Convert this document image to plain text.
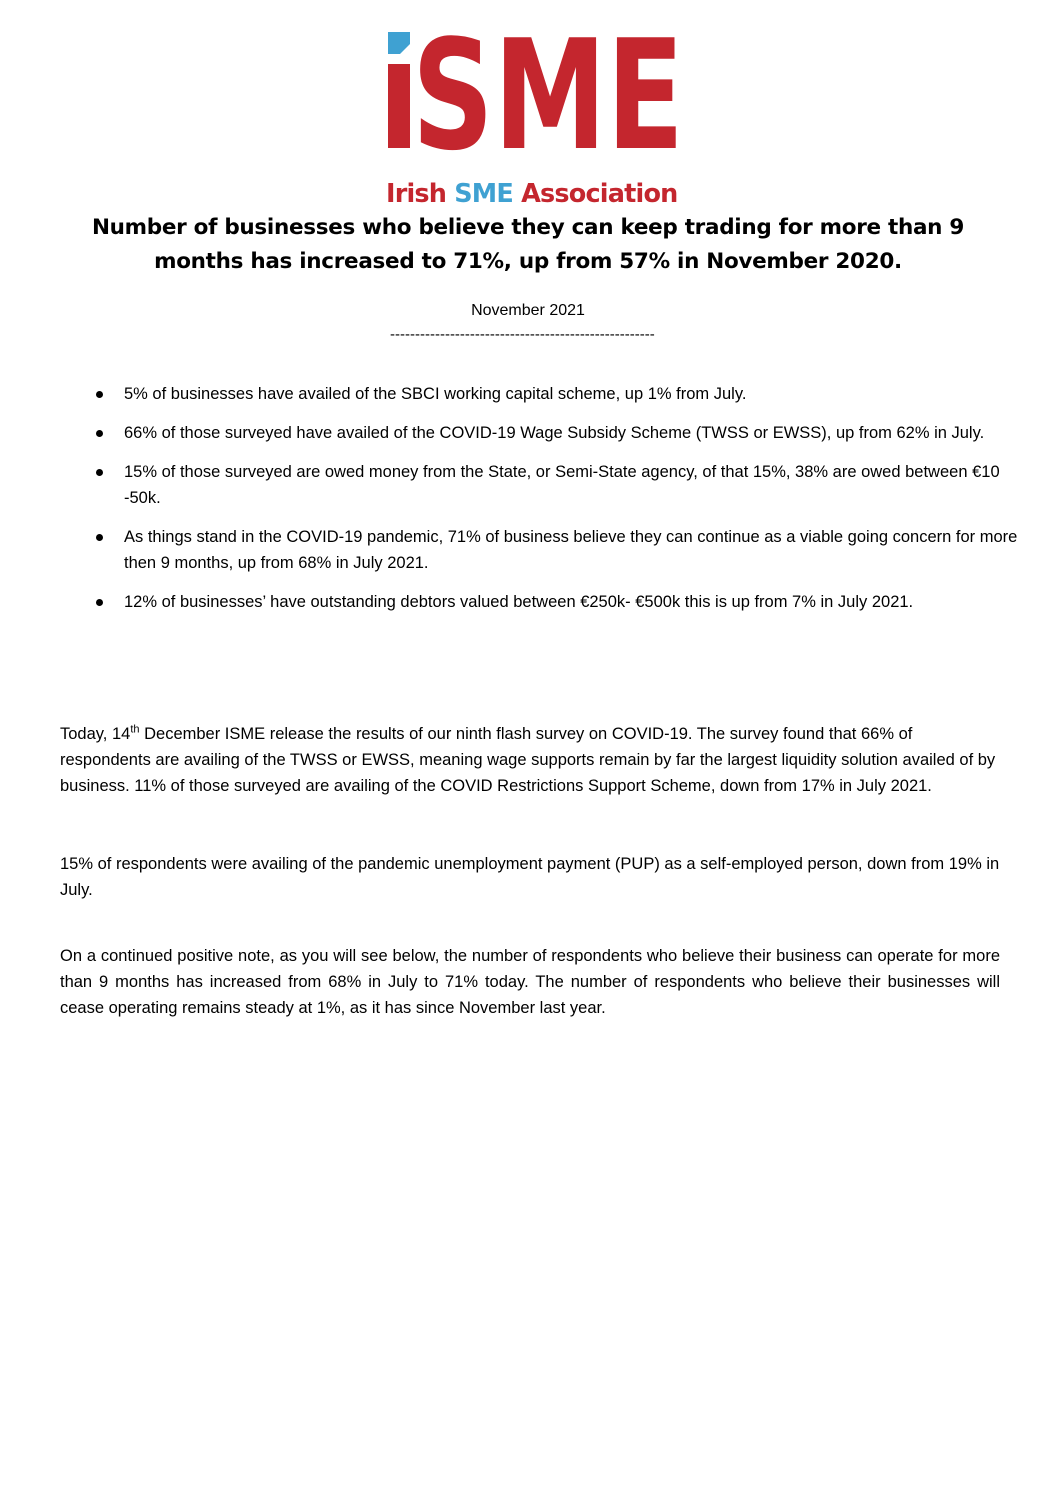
SME
Irish SME Association
Number of businesses who believe they can keep trading for more than 9
months has increased to 71%, up from 57% in November 2020.
November 2021
-----------------------------------------------------
5% of businesses have availed of the SBCI working capital scheme, up 1% from July.
66% of those surveyed have availed of the COVID-19 Wage Subsidy Scheme (TWSS or EWSS), up from 62% in July.
15% of those surveyed are owed money from the State, or Semi-State agency, of that 15%, 38% are owed between €10 -50k.
As things stand in the COVID-19 pandemic, 71% of business believe they can continue as a viable going concern for more then 9 months, up from 68% in July 2021.
12% of businesses’ have outstanding debtors valued between €250k- €500k this is up from 7% in July 2021.

Today, 14th December ISME release the results of our ninth flash survey on COVID-19. The survey found that 66% of respondents are availing of the TWSS or EWSS, meaning wage supports remain by far the largest liquidity solution availed of by business. 11% of those surveyed are availing of the COVID Restrictions Support Scheme, down from 17% in July 2021.

15% of respondents were availing of the pandemic unemployment payment (PUP) as a self-employed person, down from 19% in July.

On a continued positive note, as you will see below, the number of respondents who believe their business can operate for more than 9 months has increased from 68% in July to 71% today. The number of respondents who believe their businesses will cease operating remains steady at 1%, as it has since November last year.
